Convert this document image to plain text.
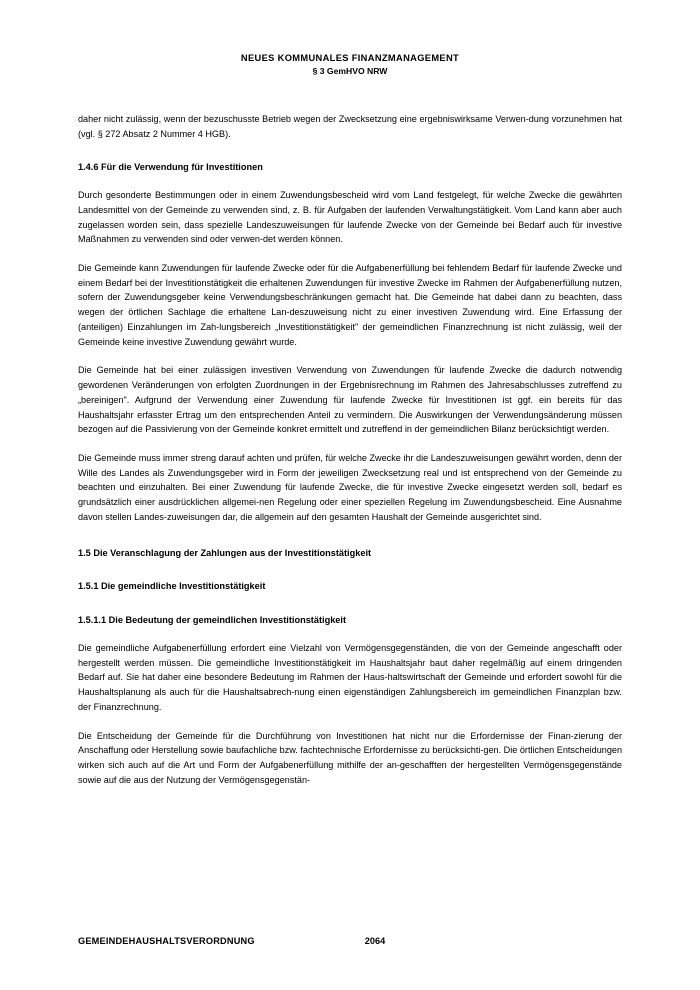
NEUES KOMMUNALES FINANZMANAGEMENT
§ 3 GemHVO NRW

daher nicht zulässig, wenn der bezuschusste Betrieb wegen der Zwecksetzung eine ergebniswirksame Verwen-dung vorzunehmen hat (vgl. § 272 Absatz 2 Nummer 4 HGB).

1.4.6 Für die Verwendung für Investitionen

Durch gesonderte Bestimmungen oder in einem Zuwendungsbescheid wird vom Land festgelegt, für welche Zwecke die gewährten Landesmittel von der Gemeinde zu verwenden sind, z. B. für Aufgaben der laufenden Verwaltungstätigkeit. Vom Land kann aber auch zugelassen worden sein, dass spezielle Landeszuweisungen für laufende Zwecke von der Gemeinde bei Bedarf auch für investive Maßnahmen zu verwenden sind oder verwen-det werden können.

Die Gemeinde kann Zuwendungen für laufende Zwecke oder für die Aufgabenerfüllung bei fehlendem Bedarf für laufende Zwecke und einem Bedarf bei der Investitionstätigkeit die erhaltenen Zuwendungen für investive Zwecke im Rahmen der Aufgabenerfüllung nutzen, sofern der Zuwendungsgeber keine Verwendungsbeschränkungen gemacht hat. Die Gemeinde hat dabei dann zu beachten, dass wegen der örtlichen Sachlage die erhaltene Lan-deszuweisung nicht zu einer investiven Zuwendung wird. Eine Erfassung der (anteiligen) Einzahlungen im Zah-lungsbereich „Investitionstätigkeit" der gemeindlichen Finanzrechnung ist nicht zulässig, weil der Gemeinde keine investive Zuwendung gewährt wurde.

Die Gemeinde hat bei einer zulässigen investiven Verwendung von Zuwendungen für laufende Zwecke die dadurch notwendig gewordenen Veränderungen von erfolgten Zuordnungen in der Ergebnisrechnung im Rahmen des Jahresabschlusses zutreffend zu „bereinigen". Aufgrund der Verwendung einer Zuwendung für laufende Zwecke für Investitionen ist ggf. ein bereits für das Haushaltsjahr erfasster Ertrag um den entsprechenden Anteil zu vermindern. Die Auswirkungen der Verwendungsänderung müssen bezogen auf die Passivierung von der Gemeinde konkret ermittelt und zutreffend in der gemeindlichen Bilanz berücksichtigt werden.

Die Gemeinde muss immer streng darauf achten und prüfen, für welche Zwecke ihr die Landeszuweisungen gewährt worden, denn der Wille des Landes als Zuwendungsgeber wird in Form der jeweiligen Zwecksetzung real und ist entsprechend von der Gemeinde zu beachten und einzuhalten. Bei einer Zuwendung für laufende Zwecke, die für investive Zwecke eingesetzt werden soll, bedarf es grundsätzlich einer ausdrücklichen allgemei-nen Regelung oder einer speziellen Regelung im Zuwendungsbescheid. Eine Ausnahme davon stellen Landes-zuweisungen dar, die allgemein auf den gesamten Haushalt der Gemeinde ausgerichtet sind.

1.5 Die Veranschlagung der Zahlungen aus der Investitionstätigkeit
1.5.1 Die gemeindliche Investitionstätigkeit
1.5.1.1 Die Bedeutung der gemeindlichen Investitionstätigkeit

Die gemeindliche Aufgabenerfüllung erfordert eine Vielzahl von Vermögensgegenständen, die von der Gemeinde angeschafft oder hergestellt werden müssen. Die gemeindliche Investitionstätigkeit im Haushaltsjahr baut daher regelmäßig auf einem dringenden Bedarf auf. Sie hat daher eine besondere Bedeutung im Rahmen der Haus-haltswirtschaft der Gemeinde und erfordert sowohl für die Haushaltsplanung als auch für die Haushaltsabrech-nung einen eigenständigen Zahlungsbereich im gemeindlichen Finanzplan bzw. der Finanzrechnung.

Die Entscheidung der Gemeinde für die Durchführung von Investitionen hat nicht nur die Erfordernisse der Finan-zierung der Anschaffung oder Herstellung sowie baufachliche bzw. fachtechnische Erfordernisse zu berücksichti-gen. Die örtlichen Entscheidungen wirken sich auch auf die Art und Form der Aufgabenerfüllung mithilfe der an-geschafften der hergestellten Vermögensgegenstände sowie auf die aus der Nutzung der Vermögensgegenstän-

GEMEINDEHAUSHALTSVERORDNUNG	2064
